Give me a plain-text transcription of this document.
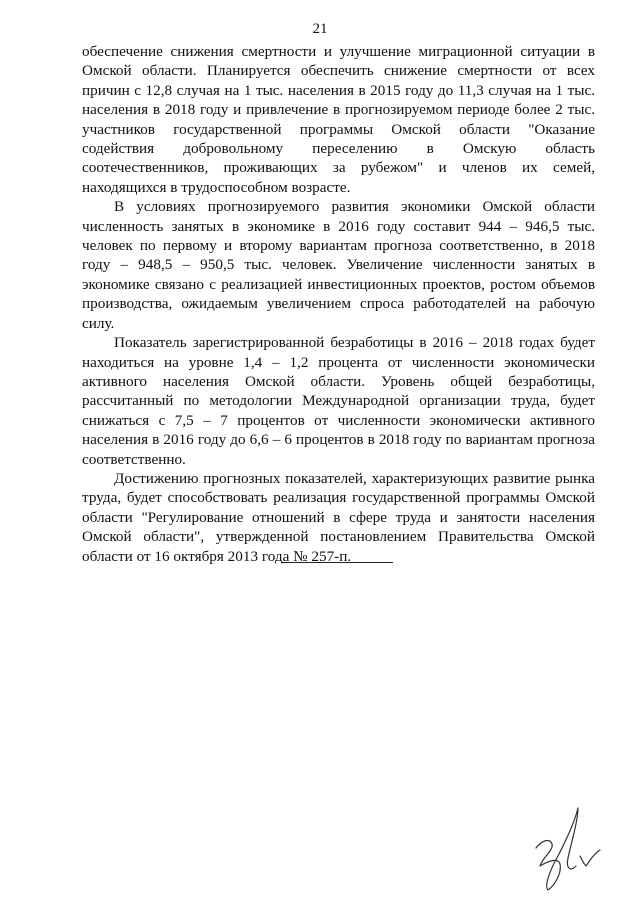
21

обеспечение снижения смертности и улучшение миграционной ситуации в Омской области. Планируется обеспечить снижение смертности от всех причин с 12,8 случая на 1 тыс. населения в 2015 году до 11,3 случая на 1 тыс. населения в 2018 году и привлечение в прогнозируемом периоде более 2 тыс. участников государственной программы Омской области "Оказание содействия добровольному переселению в Омскую область соотечественников, проживающих за рубежом" и членов их семей, находящихся в трудоспособном возрасте.

В условиях прогнозируемого развития экономики Омской области численность занятых в экономике в 2016 году составит 944 – 946,5 тыс. человек по первому и второму вариантам прогноза соответственно, в 2018 году – 948,5 – 950,5 тыс. человек. Увеличение численности занятых в экономике связано с реализацией инвестиционных проектов, ростом объемов производства, ожидаемым увеличением спроса работодателей на рабочую силу.

Показатель зарегистрированной безработицы в 2016 – 2018 годах будет находиться на уровне 1,4 – 1,2 процента от численности экономически активного населения Омской области. Уровень общей безработицы, рассчитанный по методологии Международной организации труда, будет снижаться с 7,5 – 7 процентов от численности экономически активного населения в 2016 году до 6,6 – 6 процентов в 2018 году по вариантам прогноза соответственно.

Достижению прогнозных показателей, характеризующих развитие рынка труда, будет способствовать реализация государственной программы Омской области "Регулирование отношений в сфере труда и занятости населения Омской области", утвержденной постановлением Правительства Омской области от 16 октября 2013 года № 257-п.
